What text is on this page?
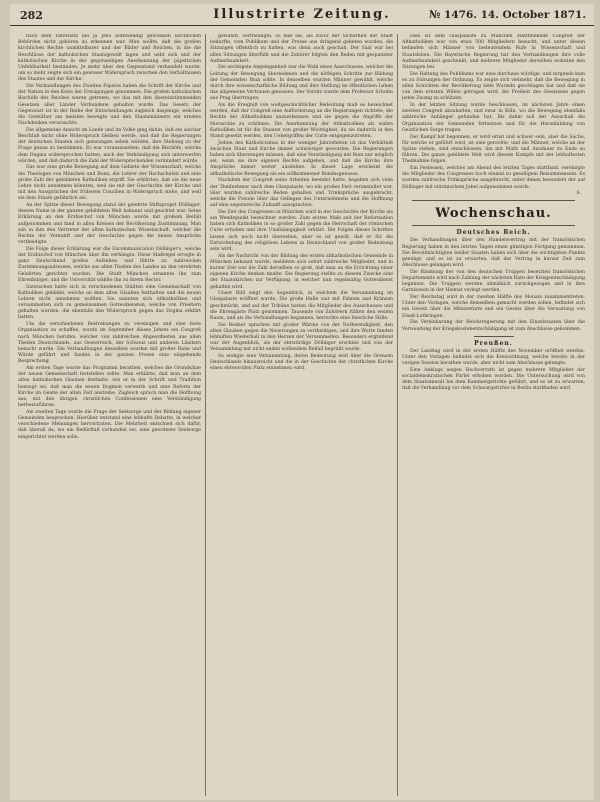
282	Illustrirte Zeitung.	№ 1476. 14. October 1871.

nach dem Vaterland bei ja Jesu nothwendig gewonnen kirchlichen Behörden nicht gehören zu erkennen war. Man wollte, daß die großen kirchlichen Rechte unmittelbarer und der Bilder und Reichen, in die die Beschlüsse der katholischen Staatsgewalt lagen und uebt sich und der katholischen Kirche in der gegenseitigen Anerkennung der päpstlichen Unfehlbarkeit beständen. Je mehr über den Gegenstand verhandelt wurde, um so mehr zeigte sich ein gewisser Widerspruch zwischen den Verhältnissen des Staates und der Kirche.

Die Verhandlungen des Zweiten Papstes haben die Schrift der Kirche und der Nation in den Kreis der Erwägungen genommen. Die großen katholischen Bischöfe des Reiches waren getreten, wo das mit den übereinstimmenden Gesetzen aller Länder Verbundene gehalten wurde. Das Gesetz der Gegenwart ist in der Reihe der Entscheidungen zugleich dasjenige, welches die Gemüther am meisten bewegte und den Staatsmännern ein ernstes Nachdenken verursachte.

Die allgemeine Ansicht im Lande und im Volke ging dahin, daß ein solcher Beschluß nicht ohne Widerspruch bleiben werde, und daß die Regierungen der deutschen Staaten sich gezwungen sehen würden, ihre Stellung zu der Frage genau zu bestimmen. Es war vorauszusehen, daß die Bischöfe, welche dem Dogma widersprochen hatten, nach der Verkündigung sich unterwerfen würden, und daß dadurch die Zahl der Widersprechenden vermindert würde.

Das war eine große Bewegung auf dem Gebiete der Wissenschaft, welche die Theologen von München und Bonn, die Lehrer der Hochschulen und eine große Zahl der gebildeten Katholiken ergriff. Sie erklärten, daß sie die neue Lehre nicht annehmen könnten, weil sie mit der Geschichte der Kirche und mit den Aussprüchen der früheren Concilien in Widerspruch stehe, und weil sie dem Staate gefährlich sei.

An der Spitze dieser Bewegung stand der gelehrte Stiftspropst Döllinger, dessen Name in der ganzen gebildeten Welt bekannt und geachtet war. Seine Erklärung an den Erzbischof von München wurde mit großem Beifall aufgenommen und fand in allen Kreisen der Bevölkerung Zustimmung. Man sah in ihm den Vertreter der alten katholischen Wissenschaft, welcher die Rechte der Vernunft und der Geschichte gegen die neuen Ansprüche vertheidigte.

Die Folge dieser Erklärung war die Excommunication Döllinger's, welche der Erzbischof von München über ihn verhängte. Diese Maßregel erregte in ganz Deutschland großes Aufsehen und führte zu zahlreichen Zustimmungsadressen, welche aus allen Theilen des Landes an den verehrten Gelehrten gerichtet wurden. Die Stadt München ernannte ihn zum Ehrenbürger, und die Universität wählte ihn zu ihrem Rector.

Inzwischen hatte sich in verschiedenen Städten eine Gemeinschaft von Katholiken gebildet, welche an dem alten Glauben festhalten und die neuen Lehren nicht annehmen wollten. Sie nannten sich Altkatholiken und versammelten sich zu gemeinsamen Gottesdiensten, welche von Priestern gehalten wurden, die ebenfalls den Widerspruch gegen das Dogma erklärt hatten.

Um die verschiedenen Bestrebungen zu vereinigen und eine feste Organisation zu schaffen, wurde im September dieses Jahres ein Congreß nach München berufen, welcher von zahlreichen Abgeordneten aus allen Theilen Deutschlands, aus Oesterreich, der Schweiz und anderen Ländern besucht wurde. Die Verhandlungen desselben wurden mit großer Ruhe und Würde geführt und fanden in der ganzen Presse eine eingehende Besprechung.

Am ersten Tage wurde das Programm berathen, welches die Grundsätze der neuen Gemeinschaft feststellen sollte. Man erklärte, daß man an dem alten katholischen Glauben festhalte, wie er in der Schrift und Tradition bezeugt sei, daß man die neuen Dogmen verwerfe und eine Reform der Kirche im Geiste der alten Zeit anstrebe. Zugleich sprach man die Hoffnung aus, mit den übrigen christlichen Confessionen eine Verständigung herbeizuführen.

Am zweiten Tage wurde die Frage der Seelsorge und der Bildung eigener Gemeinden besprochen. Hierüber entstand eine lebhafte Debatte, in welcher verschiedene Meinungen hervortraten. Die Mehrheit entschied sich dafür, daß überall da, wo ein Bedürfniß vorhanden sei, eine geordnete Seelsorge eingerichtet werden solle.

gewandt, vertheidigte, so daß sie, als zuvor der Sicherheit der Stadt bedurfte, vom Publikum und der Presse aus dringend gebeten wurden, die Sitzungen öffentlich zu halten, was denn auch geschah. Der Saal war bei allen Sitzungen überfüllt und die Zuhörer folgten den Reden mit gespannter Aufmerksamkeit.

Die wichtigste Angelegenheit war die Wahl eines Ausschusses, welcher die Leitung der Bewegung übernehmen und die nöthigen Schritte zur Bildung der Gemeinden thun sollte. In denselben wurden Männer gewählt, welche durch ihre wissenschaftliche Bildung und ihre Stellung im öffentlichen Leben das allgemeine Vertrauen genossen. Der Vorsitz wurde dem Professor Schulte aus Prag übertragen.

Als die Ereigniß von weltgeschichtlicher Bedeutung muß es bezeichnet werden, daß der Congreß eine Aufforderung an die Regierungen richtete, die Rechte der Altkatholiken anzuerkennen und sie gegen die Angriffe der Hierarchie zu schützen. Die Anerkennung der Altkatholiken als wahre Katholiken ist für die Staaten von großer Wichtigkeit, da sie dadurch in den Stand gesetzt werden, den Uebergriffen der Curie entgegenzutreten.

Jedem des Katholicismus in der weniger Jahrzehnten ist das Verhältniß zwischen Staat und Kirche immer schwieriger geworden. Die Regierungen haben sich überzeugen müssen, daß eine Verständigung mit Rom nur möglich sei, wenn sie ihre eigenen Rechte aufgeben, und daß die Kirche ihre Ansprüche immer weiter ausdehne. In dieser Lage erscheint die altkatholische Bewegung als ein willkommener Bundesgenosse.

Nachdem der Congreß seine Arbeiten beendet hatte, begaben sich viele der Theilnehmer nach dem Glaspalaste, wo ein großes Fest veranstaltet war. Hier wurden zahlreiche Reden gehalten und Trinksprüche ausgebracht, welche die Freude über das Gelingen des Unternehmens und die Hoffnung auf eine segensreiche Zukunft aussprachen.

Die Zeit des Congresses in München wird in der Geschichte der Kirche als ein Wendepunkt bezeichnet werden. Zum ersten Male seit der Reformation haben sich Katholiken in so großer Zahl gegen die Herrschaft der römischen Curie erhoben und ihre Unabhängigkeit erklärt. Die Folgen dieses Schrittes lassen sich noch nicht übersehen, aber es ist gewiß, daß er für die Entwickelung des religiösen Lebens in Deutschland von großer Bedeutung sein wird.

Als die Nachricht von der Bildung der ersten altkatholischen Gemeinde in München bekannt wurde, meldeten sich sofort zahlreiche Mitglieder, und in kurzer Zeit war die Zahl derselben so groß, daß man an die Errichtung einer eigenen Kirche denken mußte. Die Regierung stellte zu diesem Zwecke eine der Staatskirchen zur Verfügung, in welcher nun regelmäßig Gottesdienst gehalten wird.

Unser Bild zeigt den Augenblick, in welchem die Versammlung im Glaspalaste eröffnet wurde. Die große Halle war mit Fahnen und Kränzen geschmückt, und auf der Tribüne hatten die Mitglieder des Ausschusses und die Ehrengäste Platz genommen. Tausende von Zuhörern füllten den weiten Raum, und als die Verhandlungen begannen, herrschte eine feierliche Stille.

Die Redner sprachen mit großer Wärme von der Nothwendigkeit, den alten Glauben gegen die Neuerungen zu vertheidigen, und ihre Worte fanden lebhaften Wiederhall in den Herzen der Versammelten. Besonders ergreifend war der Augenblick, als der ehrwürdige Döllinger erschien und von der Versammlung mit nicht enden wollendem Beifall begrüßt wurde.

So endigte eine Versammlung, deren Bedeutung weit über die Grenzen Deutschlands hinausreicht und die in der Geschichte der christlichen Kirche einen ehrenvollen Platz einnehmen wird.

Dies ist dem Glaspalaste zu München stattfindende Congreß der Altkatholiken war von etwa 500 Mitgliedern besucht, und unter diesen befanden sich Männer von bedeutendem Rufe in Wissenschaft und Staatsleben. Die Bayerische Regierung hat den Verhandlungen ihre volle Aufmerksamkeit geschenkt, und mehrere Mitglieder derselben wohnten den Sitzungen bei.

Die Haltung des Publikums war eine durchaus würdige, und nirgends kam es zu Störungen der Ordnung. Es zeigte sich vielmehr, daß die Bewegung in allen Schichten der Bevölkerung tiefe Wurzeln geschlagen hat und daß sie von dem ernsten Willen getragen wird, die Freiheit des Gewissens gegen jeden Zwang zu schützen.

In der letzten Sitzung wurde beschlossen, im nächsten Jahre einen zweiten Congreß abzuhalten, und zwar in Köln, wo die Bewegung ebenfalls zahlreiche Anhänger gefunden hat. Bis dahin soll der Ausschuß die Organisation der Gemeinden fortsetzen und für die Heranbildung von Geistlichen Sorge tragen.

Der Kampf hat begonnen, er wird ernst und schwer sein, aber die Sache, für welche er geführt wird, ist eine gerechte, und die Männer, welche an der Spitze stehen, sind entschlossen, ihn mit Muth und Ausdauer zu Ende zu führen. Die ganze gebildete Welt wird diesem Kampfe mit der lebhaftesten Theilnahme folgen.

Ein Festessen, welches am Abend des letzten Tages stattfand, vereinigte die Mitglieder des Congresses noch einmal zu geselligem Beisammensein. Es wurden zahlreiche Trinksprüche ausgebracht, unter denen besonders der auf Döllinger mit stürmischem Jubel aufgenommen wurde.

S.
Wochenschau.
Deutsches Reich.

Die Verhandlungen über den Handelsvertrag mit der französischen Regierung haben in den letzten Tagen einen günstigen Fortgang genommen. Die Bevollmächtigten beider Staaten haben sich über die wichtigsten Punkte geeinigt, und es ist zu erwarten, daß der Vertrag in kurzer Zeit zum Abschlusse gelangen wird.

Die Räumung der von den deutschen Truppen besetzten französischen Departements wird nach Zahlung der nächsten Rate der Kriegsentschädigung beginnen. Die Truppen werden allmählich zurückgezogen und in ihre Garnisonen in der Heimat verlegt werden.

Der Reichstag wird in der zweiten Hälfte des Monats zusammentreten. Unter den Vorlagen, welche demselben gemacht werden sollen, befindet sich ein Gesetz über die Münzreform und ein Gesetz über die Verwaltung von Elsaß-Lothringen.

Die Vereinbarung der Reichsregierung mit den Einzelstaaten über die Verwendung der Kriegskostenentschädigung ist zum Abschlusse gekommen.

Preußen.

Der Landtag wird in der ersten Hälfte des November eröffnet werden. Unter den Vorlagen befindet sich die Kreisordnung, welche bereits in der vorigen Session berathen wurde, aber nicht zum Abschlusse gelangte.

Eine Anklage wegen Hochverrath ist gegen mehrere Mitglieder der socialdemokratischen Partei erhoben worden. Die Untersuchung wird von dem Staatsanwalt bei dem Kammergerichte geführt, und es ist zu erwarten, daß die Verhandlung vor dem Schwurgerichte in Berlin stattfinden wird.
